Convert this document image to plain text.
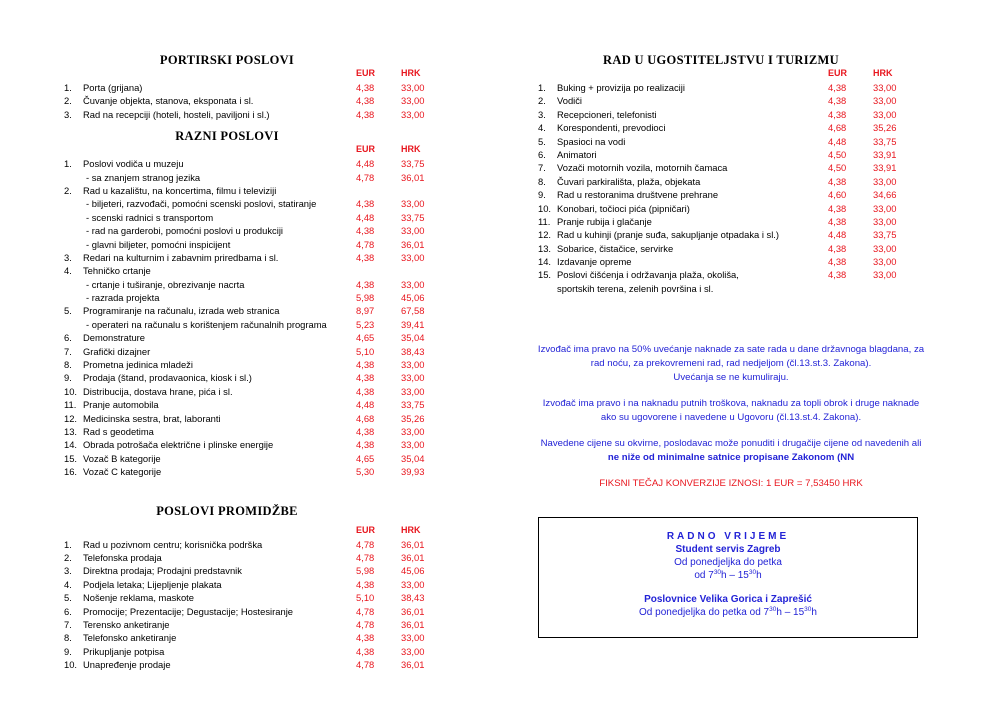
PORTIRSKI POSLOVI
EUR	HRK
1. Porta (grijana)	4,38	33,00
2. Čuvanje objekta, stanova, eksponata i sl.	4,38	33,00
3. Rad na recepciji (hoteli, hosteli, paviljoni i sl.)	4,38	33,00
RAZNI POSLOVI
EUR	HRK
1. Poslovi vodiča u muzeju	4,48	33,75
- sa znanjem stranog jezika	4,78	36,01
2. Rad u kazalištu, na koncertima, filmu i televiziji
- biljeteri, razvođači, pomoćni scenski poslovi, statiranje	4,38	33,00
- scenski radnici s transportom	4,48	33,75
- rad na garderobi, pomoćni poslovi u produkciji	4,38	33,00
- glavni biljeter, pomoćni inspicijent	4,78	36,01
3. Redari na kulturnim i zabavnim priredbama i sl.	4,38	33,00
4. Tehničko crtanje
- crtanje i tuširanje, obrezivanje nacrta	4,38	33,00
- razrada projekta	5,98	45,06
5. Programiranje na računalu, izrada web stranica	8,97	67,58
- operateri na računalu s korištenjem računalnih programa	5,23	39,41
6. Demonstrature	4,65	35,04
7. Grafički dizajner	5,10	38,43
8. Prometna jedinica mladeži	4,38	33,00
9. Prodaja (štand, prodavaonica, kiosk i sl.)	4,38	33,00
10. Distribucija, dostava hrane, pića i sl.	4,38	33,00
11. Pranje automobila	4,48	33,75
12. Medicinska sestra, brat, laboranti	4,68	35,26
13. Rad s geodetima	4,38	33,00
14. Obrada potrošača električne i plinske energije	4,38	33,00
15. Vozač B kategorije	4,65	35,04
16. Vozač C kategorije	5,30	39,93
POSLOVI PROMIDŽBE
EUR	HRK
1. Rad u pozivnom centru; korisnička podrška	4,78	36,01
2. Telefonska prodaja	4,78	36,01
3. Direktna prodaja; Prodajni predstavnik	5,98	45,06
4. Podjela letaka; Lijepljenje plakata	4,38	33,00
5. Nošenje reklama, maskote	5,10	38,43
6. Promocije; Prezentacije; Degustacije; Hostesiranje	4,78	36,01
7. Terensko anketiranje	4,78	36,01
8. Telefonsko anketiranje	4,38	33,00
9. Prikupljanje potpisa	4,38	33,00
10. Unapređenje prodaje	4,78	36,01
RAD U UGOSTITELJSTVU I TURIZMU
EUR	HRK
1. Buking + provizija po realizaciji	4,38	33,00
2. Vodiči	4,38	33,00
3. Recepcioneri, telefonisti	4,38	33,00
4. Korespondenti, prevodioci	4,68	35,26
5. Spasioci na vodi	4,48	33,75
6. Animatori	4,50	33,91
7. Vozači motornih vozila, motornih čamaca	4,50	33,91
8. Čuvari parkirališta, plaža, objekata	4,38	33,00
9. Rad u restoranima društvene prehrane	4,60	34,66
10. Konobari, točioci pića (pipničari)	4,38	33,00
11. Pranje rubija i glačanje	4,38	33,00
12. Rad u kuhinji (pranje suđa, sakupljanje otpadaka i sl.)	4,48	33,75
13. Sobarice, čistačice, servirke	4,38	33,00
14. Izdavanje opreme	4,38	33,00
15. Poslovi čišćenja i održavanja plaža, okoliša,	4,38	33,00
sportskih terena, zelenih površina i sl.

Izvođač ima pravo na 50% uvećanje naknade za sate rada u dane državnoga blagdana, za rad noću, za prekovremeni rad, rad nedjeljom (čl.13.st.3. Zakona).
Uvećanja se ne kumuliraju.

Izvođač ima pravo i na naknadu putnih troškova, naknadu za topli obrok i druge naknade ako su ugovorene i navedene u Ugovoru (čl.13.st.4. Zakona).

Navedene cijene su okvirne, poslodavac može ponuditi i drugačije cijene od navedenih ali ne niže od minimalne satnice propisane Zakonom (NN

FIKSNI TEČAJ KONVERZIJE IZNOSI: 1 EUR = 7,53450 HRK

RADNO VRIJEME
Student servis Zagreb
Od ponedjeljka do petka
od $7^{30}h - 15^{30}h$
Poslovnice Velika Gorica i Zaprešić
Od ponedjeljka do petka od $7^{30}h - 15^{30}h$
